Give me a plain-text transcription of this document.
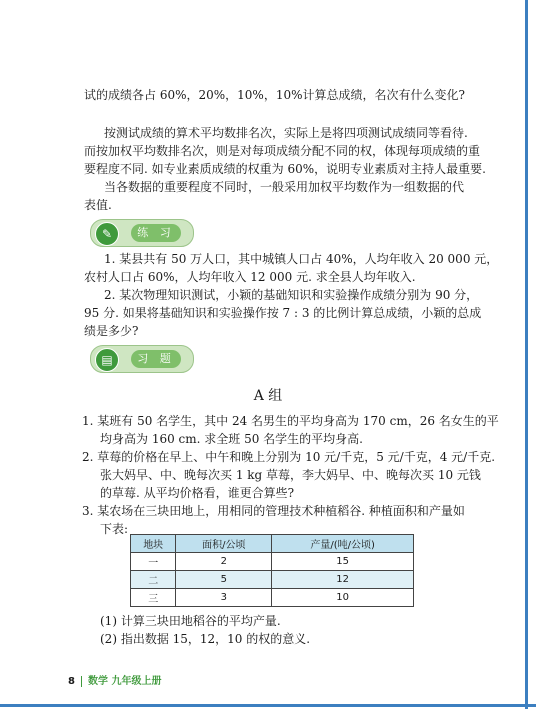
试的成绩各占 60%，20%，10%，10%计算总成绩，名次有什么变化?
按测试成绩的算术平均数排名次，实际上是将四项测试成绩同等看待.
而按加权平均数排名次，则是对每项成绩分配不同的权，体现每项成绩的重
要程度不同. 如专业素质成绩的权重为 60%，说明专业素质对主持人最重要.
当各数据的重要程度不同时，一般采用加权平均数作为一组数据的代
表值.
✎	练 习
1. 某县共有 50 万人口，其中城镇人口占 40%，人均年收入 20 000 元，
农村人口占 60%，人均年收入 12 000 元. 求全县人均年收入.
2. 某次物理知识测试，小颖的基础知识和实验操作成绩分别为 90 分，
95 分. 如果将基础知识和实验操作按 7 : 3 的比例计算总成绩，小颖的总成
绩是多少?
▤	习 题
A 组
1. 某班有 50 名学生，其中 24 名男生的平均身高为 170 cm，26 名女生的平
均身高为 160 cm. 求全班 50 名学生的平均身高.
2. 草莓的价格在早上、中午和晚上分别为 10 元/千克，5 元/千克，4 元/千克.
张大妈早、中、晚每次买 1 kg 草莓，李大妈早、中、晚每次买 10 元钱
的草莓. 从平均价格看，谁更合算些?
3. 某农场在三块田地上，用相同的管理技术种植稻谷. 种植面积和产量如
下表:
地块	面积/公顷	产量/(吨/公顷)
一	2	15
二	5	12
三	3	10
(1) 计算三块田地稻谷的平均产量.
(2) 指出数据 15，12，10 的权的意义.
8 数学 九年级上册
